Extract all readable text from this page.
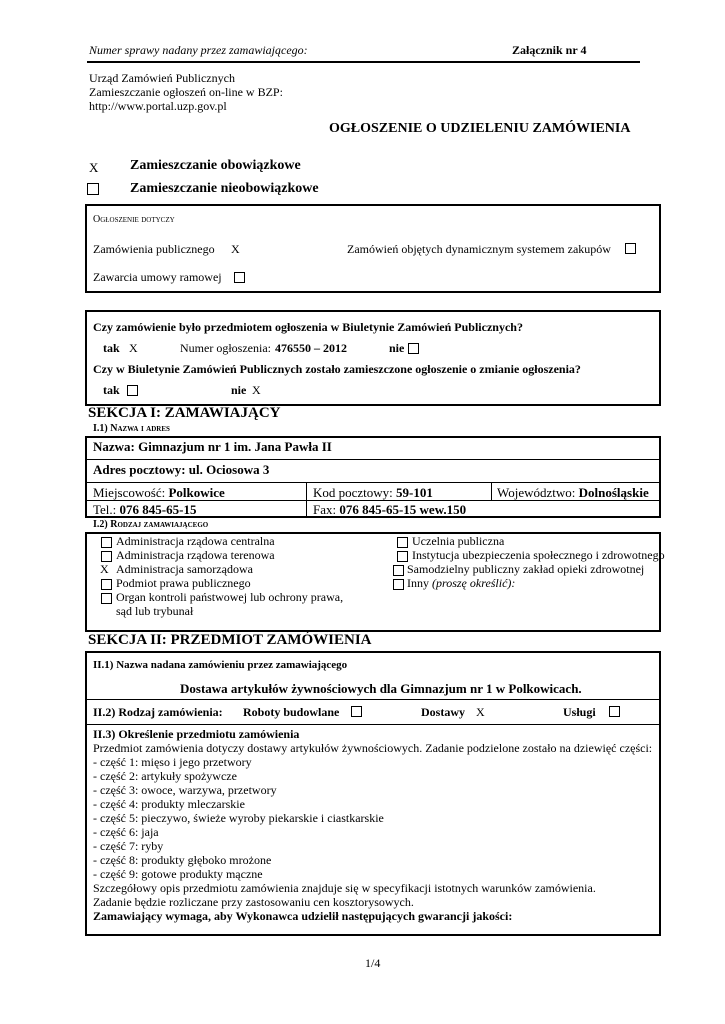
Numer sprawy nadany przez zamawiającego:	Załącznik nr 4
Urząd Zamówień Publicznych
Zamieszczanie ogłoszeń on-line w BZP:
http://www.portal.uzp.gov.pl
OGŁOSZENIE O UDZIELENIU ZAMÓWIENIA
X Zamieszczanie obowiązkowe
Zamieszczanie nieobowiązkowe
Ogłoszenie dotyczy
Zamówienia publicznego X	Zamówień objętych dynamicznym systemem zakupów
Zawarcia umowy ramowej
Czy zamówienie było przedmiotem ogłoszenia w Biuletynie Zamówień Publicznych?
tak X	Numer ogłoszenia: 476550 – 2012	nie
Czy w Biuletynie Zamówień Publicznych zostało zamieszczone ogłoszenie o zmianie ogłoszenia?
tak	nie X
SEKCJA I: ZAMAWIAJĄCY
I.1) Nazwa i adres
Nazwa: Gimnazjum nr 1 im. Jana Pawła II
Adres pocztowy: ul. Ociosowa 3
Miejscowość: Polkowice	Kod pocztowy: 59-101	Województwo: Dolnośląskie
Tel.: 076 845-65-15	Fax: 076 845-65-15 wew.150
I.2) Rodzaj zamawiającego
Administracja rządowa centralna
Administracja rządowa terenowa
X Administracja samorządowa
Podmiot prawa publicznego
Organ kontroli państwowej lub ochrony prawa,
sąd lub trybunał
Uczelnia publiczna
Instytucja ubezpieczenia społecznego i zdrowotnego
Samodzielny publiczny zakład opieki zdrowotnej
Inny (proszę określić):
SEKCJA II: PRZEDMIOT ZAMÓWIENIA
II.1) Nazwa nadana zamówieniu przez zamawiającego
Dostawa artykułów żywnościowych dla Gimnazjum nr 1 w Polkowicach.
II.2) Rodzaj zamówienia: Roboty budowlane	Dostawy X	Usługi
II.3) Określenie przedmiotu zamówienia
Przedmiot zamówienia dotyczy dostawy artykułów żywnościowych. Zadanie podzielone zostało na dziewięć części:
- część 1: mięso i jego przetwory
- część 2: artykuły spożywcze
- część 3: owoce, warzywa, przetwory
- część 4: produkty mleczarskie
- część 5: pieczywo, świeże wyroby piekarskie i ciastkarskie
- część 6: jaja
- część 7: ryby
- część 8: produkty głęboko mrożone
- część 9: gotowe produkty mączne
Szczegółowy opis przedmiotu zamówienia znajduje się w specyfikacji istotnych warunków zamówienia.
Zadanie będzie rozliczane przy zastosowaniu cen kosztorysowych.
Zamawiający wymaga, aby Wykonawca udzielił następujących gwarancji jakości:
1/4
